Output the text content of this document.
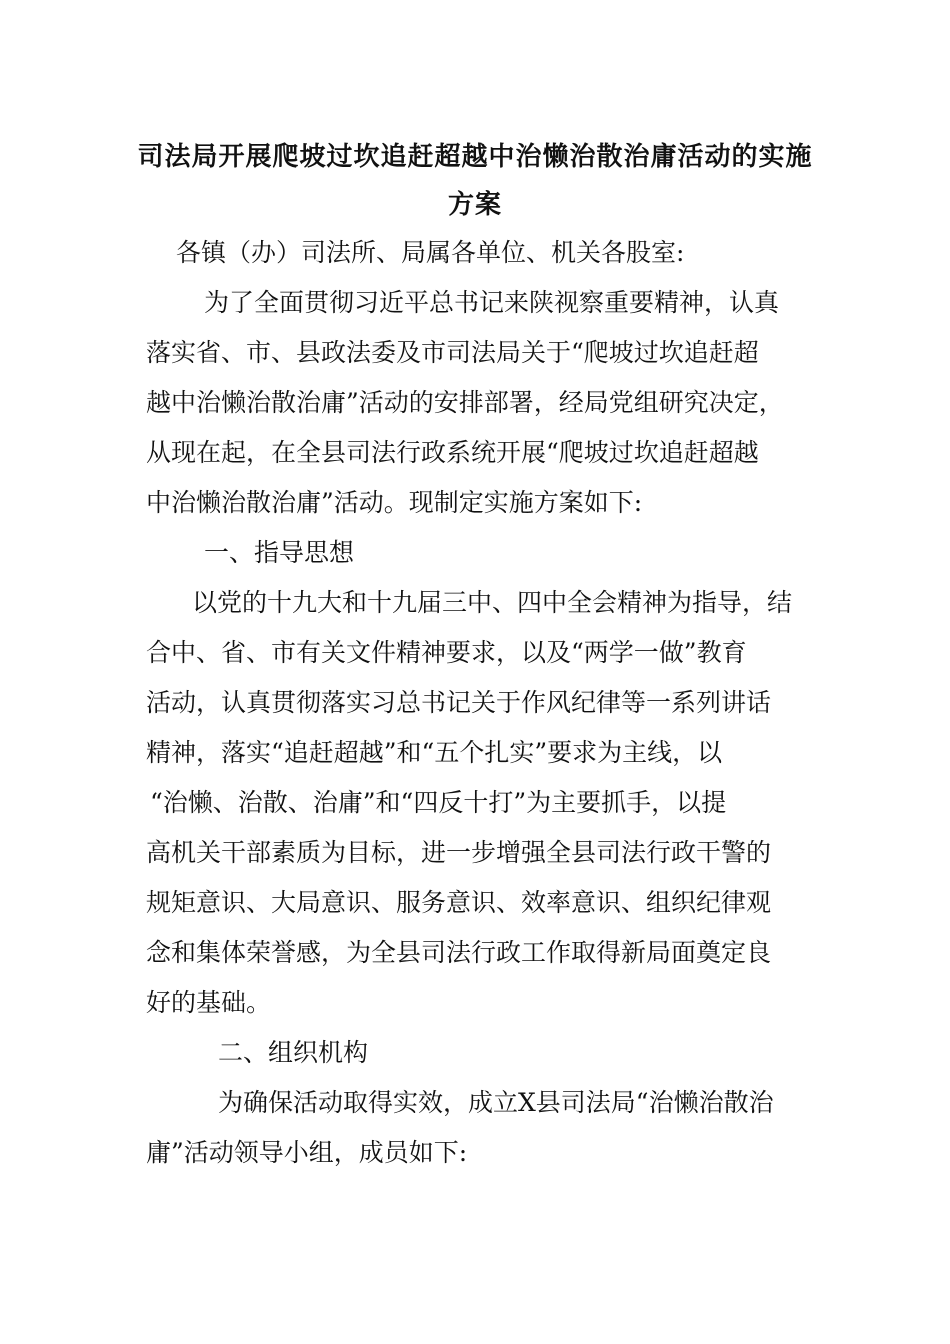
司法局开展爬坡过坎追赶超越中治懒治散治庸活动的实施
方案

各镇（办）司法所、局属各单位、机关各股室:

为了全面贯彻习近平总书记来陕视察重要精神，认真

落实省、市、县政法委及市司法局关于“爬坡过坎追赶超

越中治懒治散治庸”活动的安排部署，经局党组研究决定，

从现在起，在全县司法行政系统开展“爬坡过坎追赶超越

中治懒治散治庸”活动。现制定实施方案如下:

一、指导思想

以党的十九大和十九届三中、四中全会精神为指导，结

合中、省、市有关文件精神要求，以及“两学一做”教育

活动，认真贯彻落实习总书记关于作风纪律等一系列讲话

精神，落实“追赶超越”和“五个扎实”要求为主线，以

“治懒、治散、治庸”和“四反十打”为主要抓手，以提

高机关干部素质为目标，进一步增强全县司法行政干警的

规矩意识、大局意识、服务意识、效率意识、组织纪律观

念和集体荣誉感，为全县司法行政工作取得新局面奠定良

好的基础。

二、组织机构

为确保活动取得实效，成立X县司法局“治懒治散治

庸”活动领导小组，成员如下:
